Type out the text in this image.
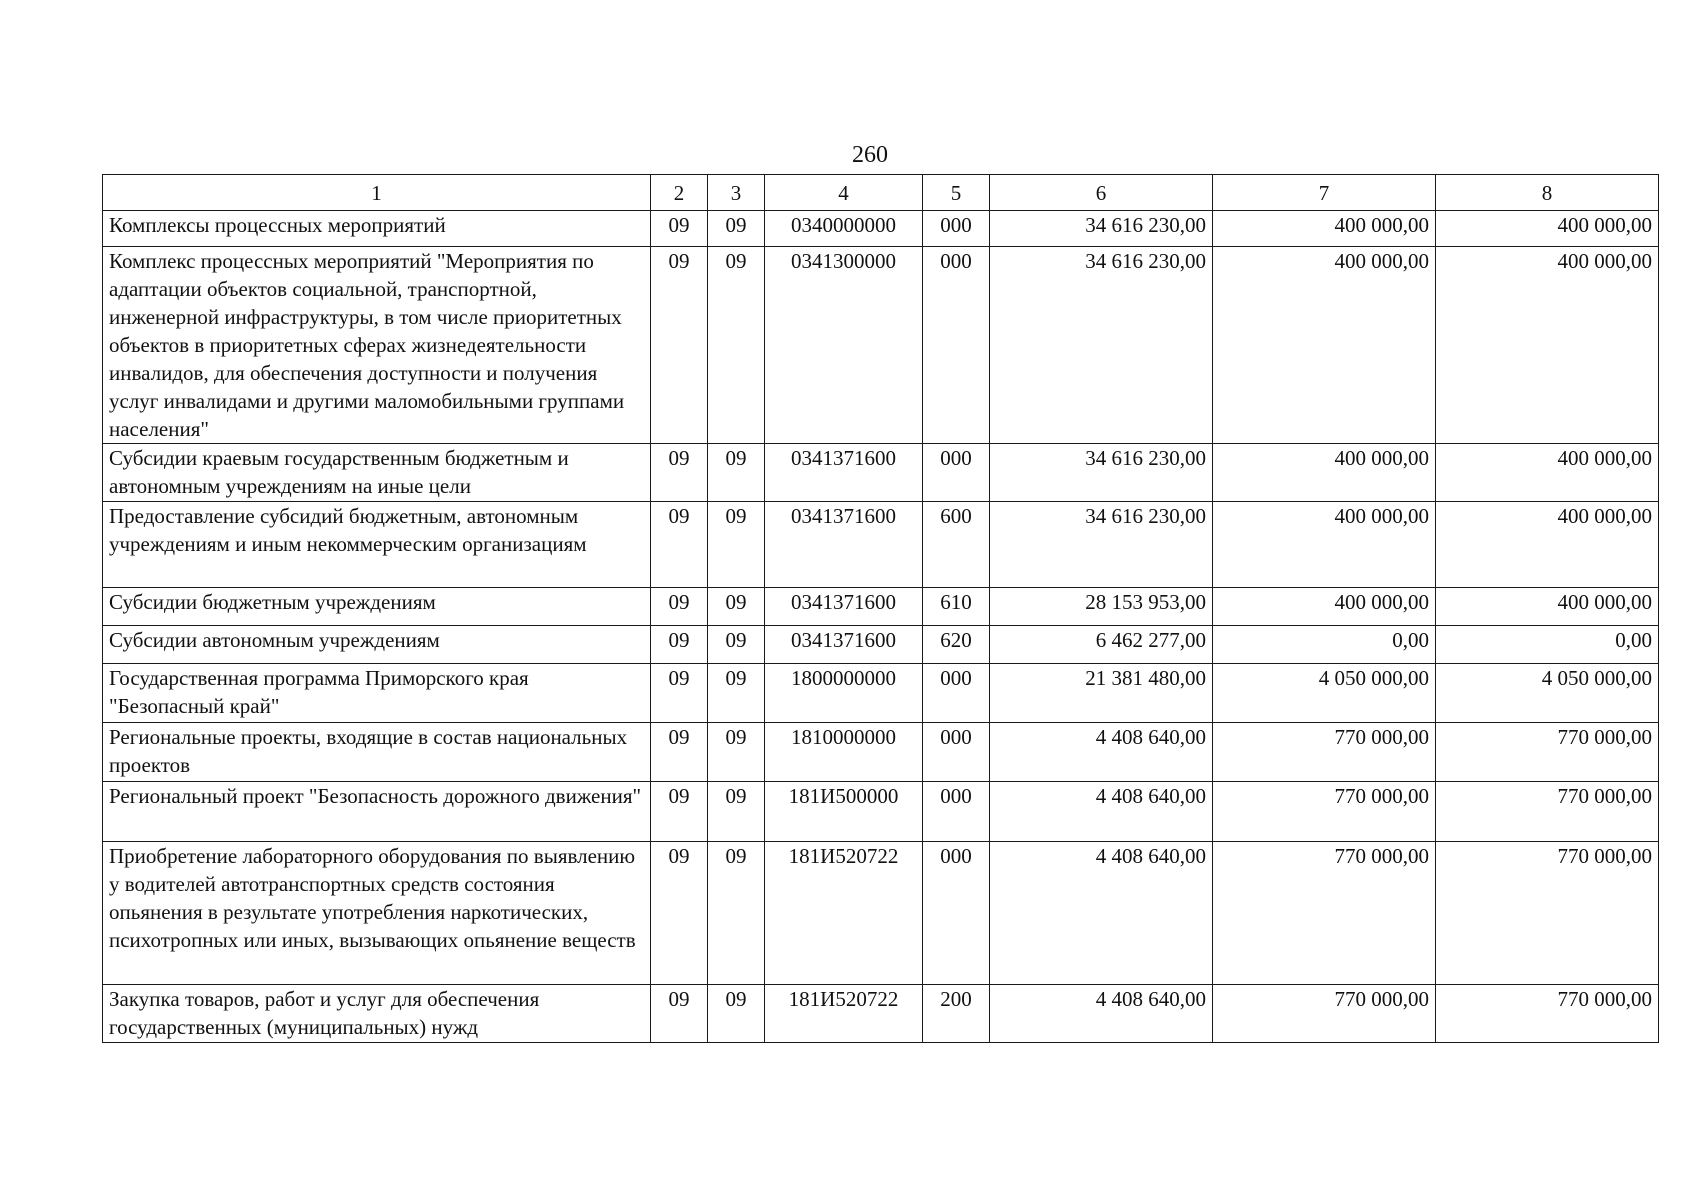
260
1	2	3	4	5	6	7	8
Комплексы процессных мероприятий	09	09	0340000000	000	34 616 230,00	400 000,00	400 000,00

Комплекс процессных мероприятий "Мероприятия по адаптации объектов социальной, транспортной, инженерной инфраструктуры, в том числе приоритетных объектов в приоритетных сферах жизнедеятельности инвалидов, для обеспечения доступности и получения услуг инвалидами и другими маломобильными группами населения"	09	09	0341300000	000	34 616 230,00	400 000,00	400 000,00

Субсидии краевым государственным бюджетным и автономным учреждениям на иные цели	09	09	0341371600	000	34 616 230,00	400 000,00	400 000,00

Предоставление субсидий бюджетным, автономным учреждениям и иным некоммерческим организациям	09	09	0341371600	600	34 616 230,00	400 000,00	400 000,00

Субсидии бюджетным учреждениям	09	09	0341371600	610	28 153 953,00	400 000,00	400 000,00

Субсидии автономным учреждениям	09	09	0341371600	620	6 462 277,00	0,00	0,00

Государственная программа Приморского края "Безопасный край"	09	09	1800000000	000	21 381 480,00	4 050 000,00	4 050 000,00

Региональные проекты, входящие в состав национальных проектов	09	09	1810000000	000	4 408 640,00	770 000,00	770 000,00

Региональный проект "Безопасность дорожного движения"	09	09	181И500000	000	4 408 640,00	770 000,00	770 000,00

Приобретение лабораторного оборудования по выявлению у водителей автотранспортных средств состояния опьянения в результате употребления наркотических, психотропных или иных, вызывающих опьянение веществ	09	09	181И520722	000	4 408 640,00	770 000,00	770 000,00

Закупка товаров, работ и услуг для обеспечения государственных (муниципальных) нужд	09	09	181И520722	200	4 408 640,00	770 000,00	770 000,00
